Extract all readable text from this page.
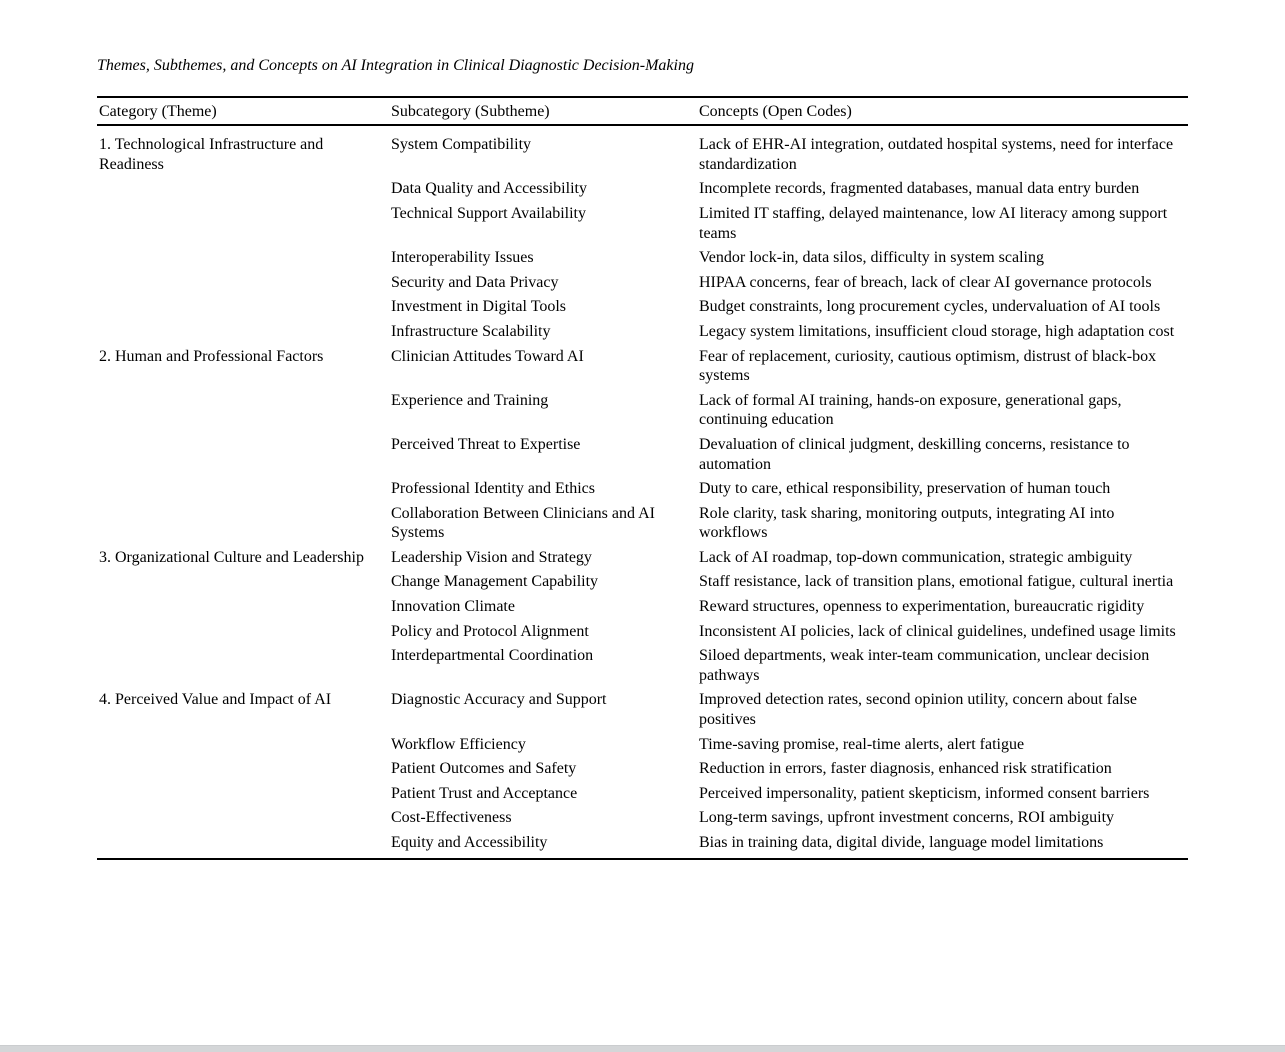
Themes, Subthemes, and Concepts on AI Integration in Clinical Diagnostic Decision-Making

Category (Theme)	Subcategory (Subtheme)	Concepts (Open Codes)
1. Technological Infrastructure and Readiness	System Compatibility	Lack of EHR-AI integration, outdated hospital systems, need for interface standardization
	Data Quality and Accessibility	Incomplete records, fragmented databases, manual data entry burden
	Technical Support Availability	Limited IT staffing, delayed maintenance, low AI literacy among support teams
	Interoperability Issues	Vendor lock-in, data silos, difficulty in system scaling
	Security and Data Privacy	HIPAA concerns, fear of breach, lack of clear AI governance protocols
	Investment in Digital Tools	Budget constraints, long procurement cycles, undervaluation of AI tools
	Infrastructure Scalability	Legacy system limitations, insufficient cloud storage, high adaptation cost
2. Human and Professional Factors	Clinician Attitudes Toward AI	Fear of replacement, curiosity, cautious optimism, distrust of black-box systems
	Experience and Training	Lack of formal AI training, hands-on exposure, generational gaps, continuing education
	Perceived Threat to Expertise	Devaluation of clinical judgment, deskilling concerns, resistance to automation
	Professional Identity and Ethics	Duty to care, ethical responsibility, preservation of human touch
	Collaboration Between Clinicians and AI Systems	Role clarity, task sharing, monitoring outputs, integrating AI into workflows
3. Organizational Culture and Leadership	Leadership Vision and Strategy	Lack of AI roadmap, top-down communication, strategic ambiguity
	Change Management Capability	Staff resistance, lack of transition plans, emotional fatigue, cultural inertia
	Innovation Climate	Reward structures, openness to experimentation, bureaucratic rigidity
	Policy and Protocol Alignment	Inconsistent AI policies, lack of clinical guidelines, undefined usage limits
	Interdepartmental Coordination	Siloed departments, weak inter-team communication, unclear decision pathways
4. Perceived Value and Impact of AI	Diagnostic Accuracy and Support	Improved detection rates, second opinion utility, concern about false positives
	Workflow Efficiency	Time-saving promise, real-time alerts, alert fatigue
	Patient Outcomes and Safety	Reduction in errors, faster diagnosis, enhanced risk stratification
	Patient Trust and Acceptance	Perceived impersonality, patient skepticism, informed consent barriers
	Cost-Effectiveness	Long-term savings, upfront investment concerns, ROI ambiguity
	Equity and Accessibility	Bias in training data, digital divide, language model limitations
